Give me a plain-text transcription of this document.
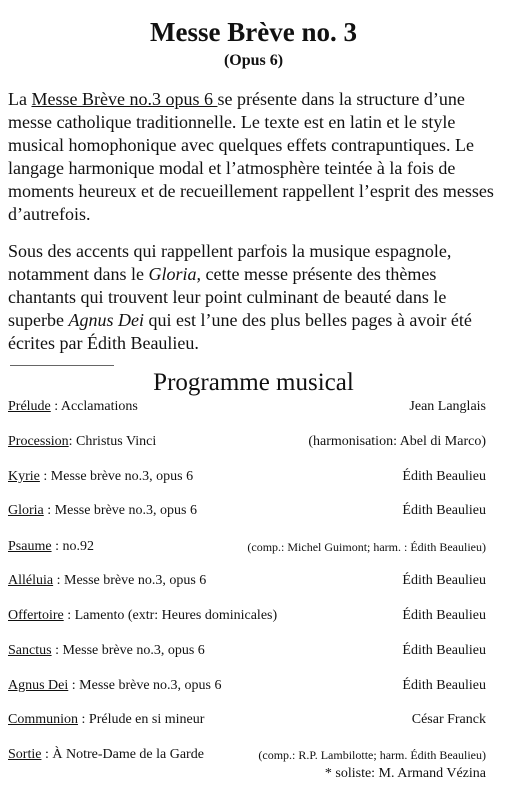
Messe Brève no. 3
(Opus 6)

La Messe Brève no.3 opus 6 se présente dans la structure d’une messe catholique traditionnelle. Le texte est en latin et le style musical homophonique avec quelques effets contrapuntiques. Le langage harmonique modal et l’atmosphère teintée à la fois de moments heureux et de recueillement rappellent l’esprit des messes d’autrefois.

Sous des accents qui rappellent parfois la musique espagnole, notamment dans le Gloria, cette messe présente des thèmes chantants qui trouvent leur point culminant de beauté dans le superbe Agnus Dei qui est l’une des plus belles pages à avoir été écrites par Édith Beaulieu.

Programme musical
Prélude : Acclamations	Jean Langlais
Procession: Christus Vinci	(harmonisation: Abel di Marco)
Kyrie : Messe brève no.3, opus 6	Édith Beaulieu
Gloria : Messe brève no.3, opus 6	Édith Beaulieu
Psaume : no.92	(comp.: Michel Guimont; harm. : Édith Beaulieu)
Alléluia : Messe brève no.3, opus 6	Édith Beaulieu
Offertoire : Lamento (extr: Heures dominicales)	Édith Beaulieu
Sanctus : Messe brève no.3, opus 6	Édith Beaulieu
Agnus Dei : Messe brève no.3, opus 6	Édith Beaulieu
Communion : Prélude en si mineur	César Franck
Sortie : À Notre-Dame de la Garde	(comp.: R.P. Lambilotte; harm. Édith Beaulieu)
* soliste: M. Armand Vézina
